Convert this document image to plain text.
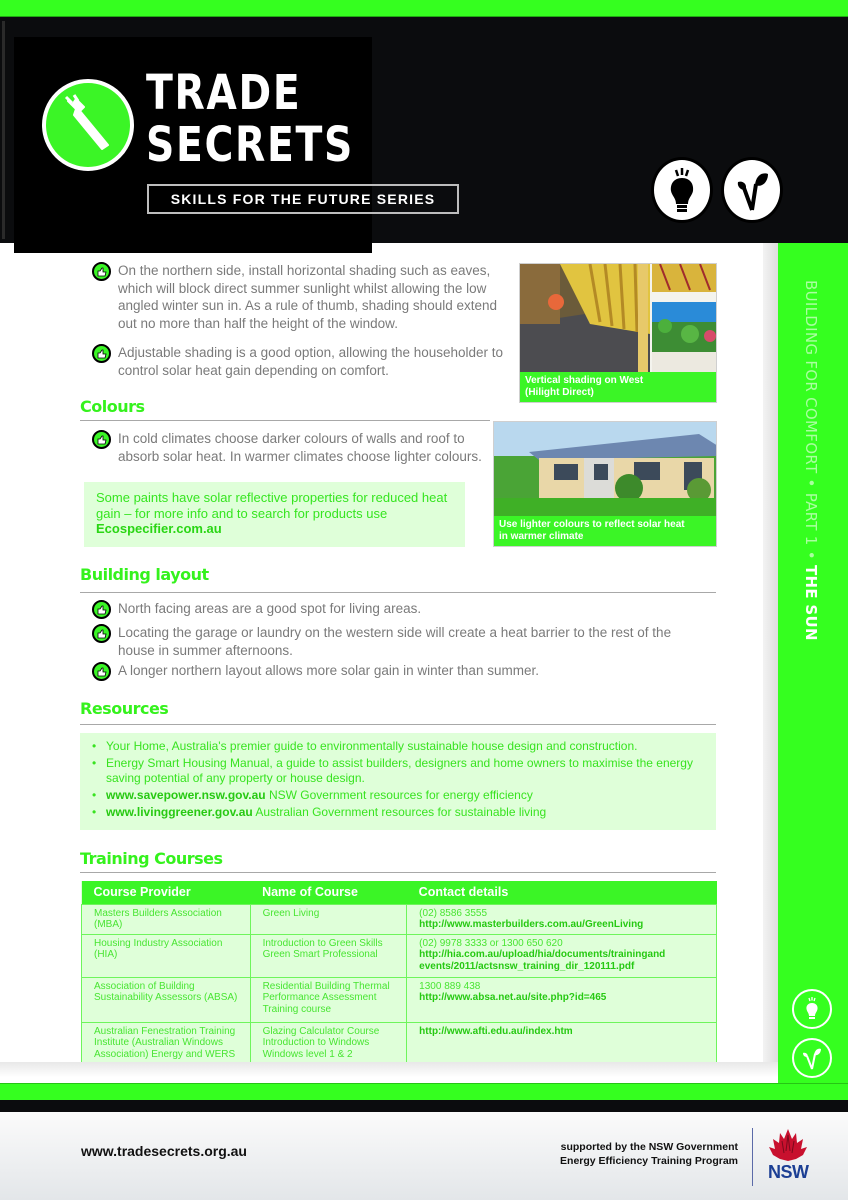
TRADE
SECRETS
SKILLS FOR THE FUTURE SERIES
BUILDING FOR COMFORT • PART 1 • THE SUN
On the northern side, install horizontal shading such as eaves, which will block direct summer sunlight whilst allowing the low angled winter sun in. As a rule of thumb, shading should extend out no more than half the height of the window.
Adjustable shading is a good option, allowing the householder to control solar heat gain depending on comfort.
Vertical shading on West
(Hilight Direct)
Colours
In cold climates choose darker colours of walls and roof to absorb solar heat. In warmer climates choose lighter colours.
Some paints have solar reflective properties for reduced heat gain – for more info and to search for products use Ecospecifier.com.au	Use lighter colours to reflect solar heat
in warmer climate
Building layout
North facing areas are a good spot for living areas.
Locating the garage or laundry on the western side will create a heat barrier to the rest of the house in summer afternoons.
A longer northern layout allows more solar gain in winter than summer.
Resources
• Your Home, Australia's premier guide to environmentally sustainable house design and construction.
• Energy Smart Housing Manual, a guide to assist builders, designers and home owners to maximise the energy saving potential of any property or house design.
• www.savepower.nsw.gov.au NSW Government resources for energy efficiency
• www.livinggreener.gov.au Australian Government resources for sustainable living
Training Courses
Course Provider	Name of Course	Contact details
Masters Builders Association (MBA)	Green Living	(02) 8586 3555
http://www.masterbuilders.com.au/GreenLiving
Housing Industry Association (HIA)	Introduction to Green Skills Green Smart Professional	(02) 9978 3333 or 1300 650 620
http://hia.com.au/upload/hia/documents/trainingand events/2011/actsnsw_training_dir_120111.pdf
Association of Building Sustainability Assessors (ABSA)	Residential Building Thermal Performance Assessment Training course	1300 889 438
http://www.absa.net.au/site.php?id=465
Australian Fenestration Training Institute (Australian Windows Association) Energy and WERS	Glazing Calculator Course Introduction to Windows Windows level 1 & 2	http://www.afti.edu.au/index.htm
www.tradesecrets.org.au	supported by the NSW Government
Energy Efficiency Training Program
NSW
